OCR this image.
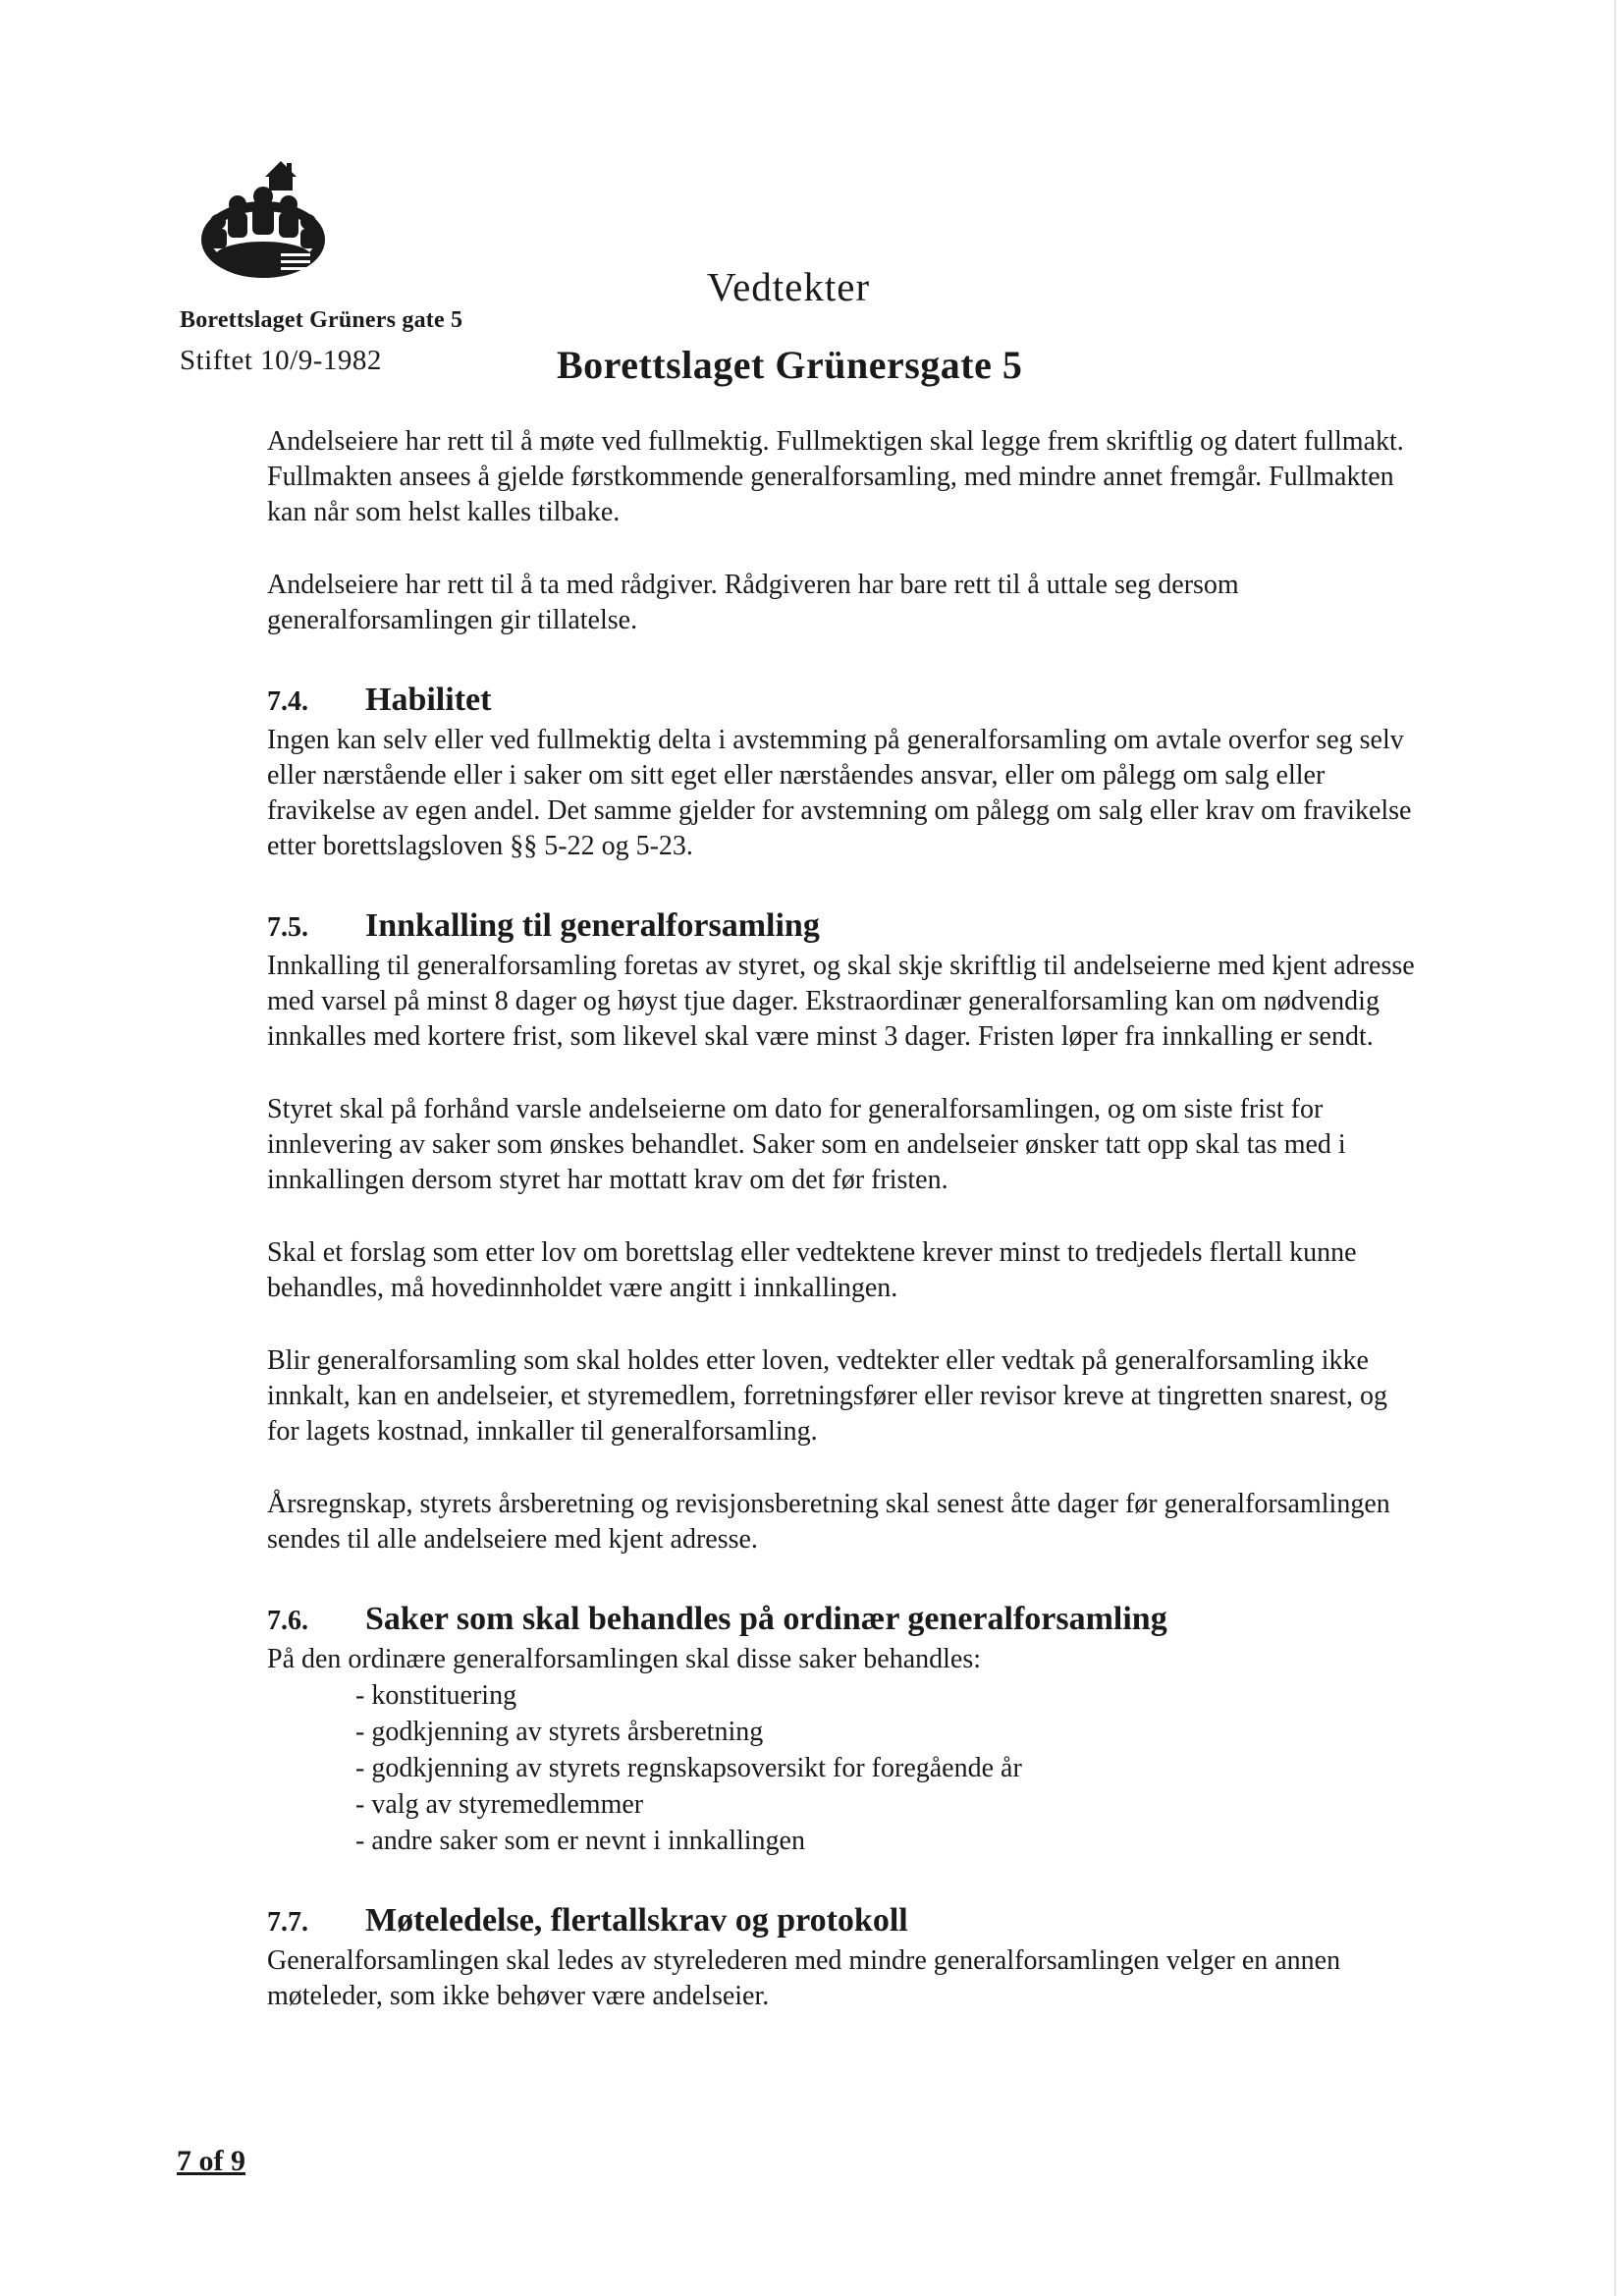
Borettslaget Grüners gate 5
Stiftet 10/9-1982
Vedtekter
Borettslaget Grünersgate 5

Andelseiere har rett til å møte ved fullmektig. Fullmektigen skal legge frem skriftlig og datert fullmakt. Fullmakten ansees å gjelde førstkommende generalforsamling, med mindre annet fremgår. Fullmakten kan når som helst kalles tilbake.

Andelseiere har rett til å ta med rådgiver. Rådgiveren har bare rett til å uttale seg dersom generalforsamlingen gir tillatelse.

7.4.	Habilitet

Ingen kan selv eller ved fullmektig delta i avstemming på generalforsamling om avtale overfor seg selv eller nærstående eller i saker om sitt eget eller nærståendes ansvar, eller om pålegg om salg eller fravikelse av egen andel. Det samme gjelder for avstemning om pålegg om salg eller krav om fravikelse etter borettslagsloven §§ 5-22 og 5-23.

7.5.	Innkalling til generalforsamling

Innkalling til generalforsamling foretas av styret, og skal skje skriftlig til andelseierne med kjent adresse med varsel på minst 8 dager og høyst tjue dager. Ekstraordinær generalforsamling kan om nødvendig innkalles med kortere frist, som likevel skal være minst 3 dager. Fristen løper fra innkalling er sendt.

Styret skal på forhånd varsle andelseierne om dato for generalforsamlingen, og om siste frist for innlevering av saker som ønskes behandlet. Saker som en andelseier ønsker tatt opp skal tas med i innkallingen dersom styret har mottatt krav om det før fristen.

Skal et forslag som etter lov om borettslag eller vedtektene krever minst to tredjedels flertall kunne behandles, må hovedinnholdet være angitt i innkallingen.

Blir generalforsamling som skal holdes etter loven, vedtekter eller vedtak på generalforsamling ikke innkalt, kan en andelseier, et styremedlem, forretningsfører eller revisor kreve at tingretten snarest, og for lagets kostnad, innkaller til generalforsamling.

Årsregnskap, styrets årsberetning og revisjonsberetning skal senest åtte dager før generalforsamlingen sendes til alle andelseiere med kjent adresse.

7.6.	Saker som skal behandles på ordinær generalforsamling

På den ordinære generalforsamlingen skal disse saker behandles:

- konstituering
- godkjenning av styrets årsberetning
- godkjenning av styrets regnskapsoversikt for foregående år
- valg av styremedlemmer
- andre saker som er nevnt i innkallingen
7.7.	Møteledelse, flertallskrav og protokoll

Generalforsamlingen skal ledes av styrelederen med mindre generalforsamlingen velger en annen møteleder, som ikke behøver være andelseier.

7 of 9
